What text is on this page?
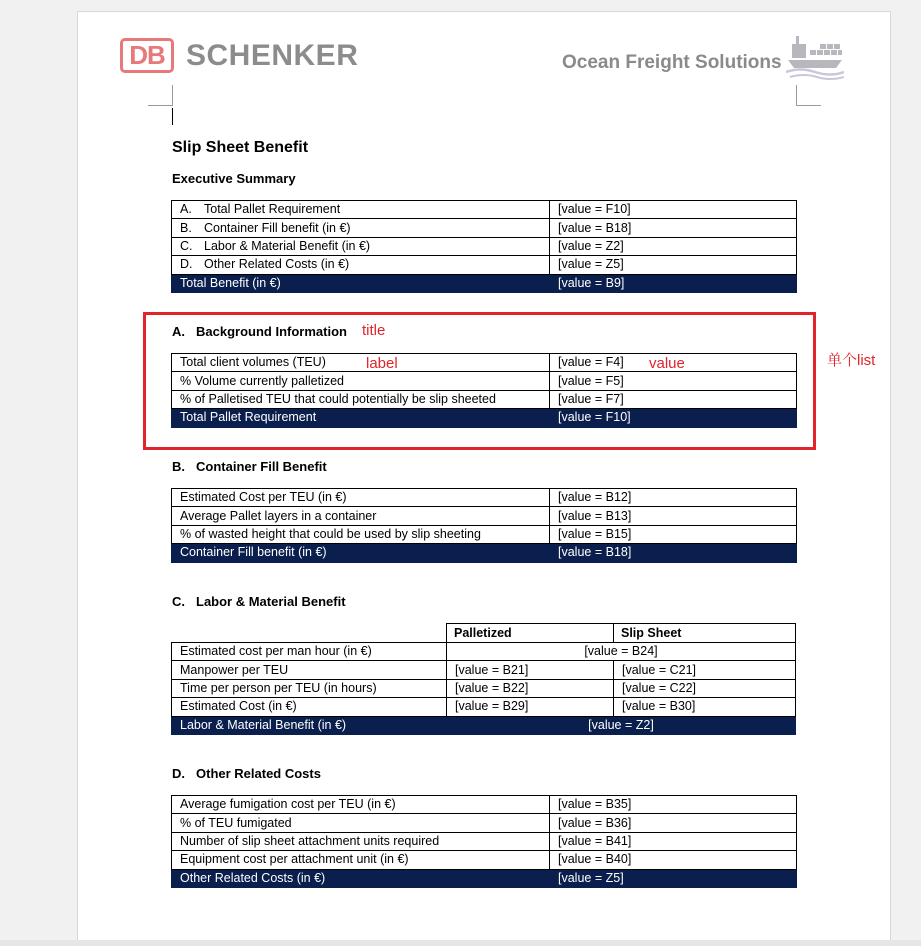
DB SCHENKER	Ocean Freight Solutions
Slip Sheet Benefit
Executive Summary
A. Total Pallet Requirement	[value = F10]
B. Container Fill benefit (in €)	[value = B18]
C. Labor & Material Benefit (in €)	[value = Z2]
D. Other Related Costs (in €)	[value = Z5]
Total Benefit (in €)	[value = B9]
A. Background Information
Total client volumes (TEU)	[value = F4]
% Volume currently palletized	[value = F5]
% of Palletised TEU that could potentially be slip sheeted	[value = F7]
Total Pallet Requirement	[value = F10]
B. Container Fill Benefit
Estimated Cost per TEU (in €)	[value = B12]
Average Pallet layers in a container	[value = B13]
% of wasted height that could be used by slip sheeting	[value = B15]
Container Fill benefit (in €)	[value = B18]
C. Labor & Material Benefit
	Palletized	Slip Sheet
Estimated cost per man hour (in €)	[value = B24]	
Manpower per TEU	[value = B21]	[value = C21]
Time per person per TEU (in hours)	[value = B22]	[value = C22]
Estimated Cost (in €)	[value = B29]	[value = B30]
Labor & Material Benefit (in €)	[value = Z2]	
D. Other Related Costs
Average fumigation cost per TEU (in €)	[value = B35]
% of TEU fumigated	[value = B36]
Number of slip sheet attachment units required	[value = B41]
Equipment cost per attachment unit (in €)	[value = B40]
Other Related Costs (in €)	[value = Z5]
title
label	value	单个list
